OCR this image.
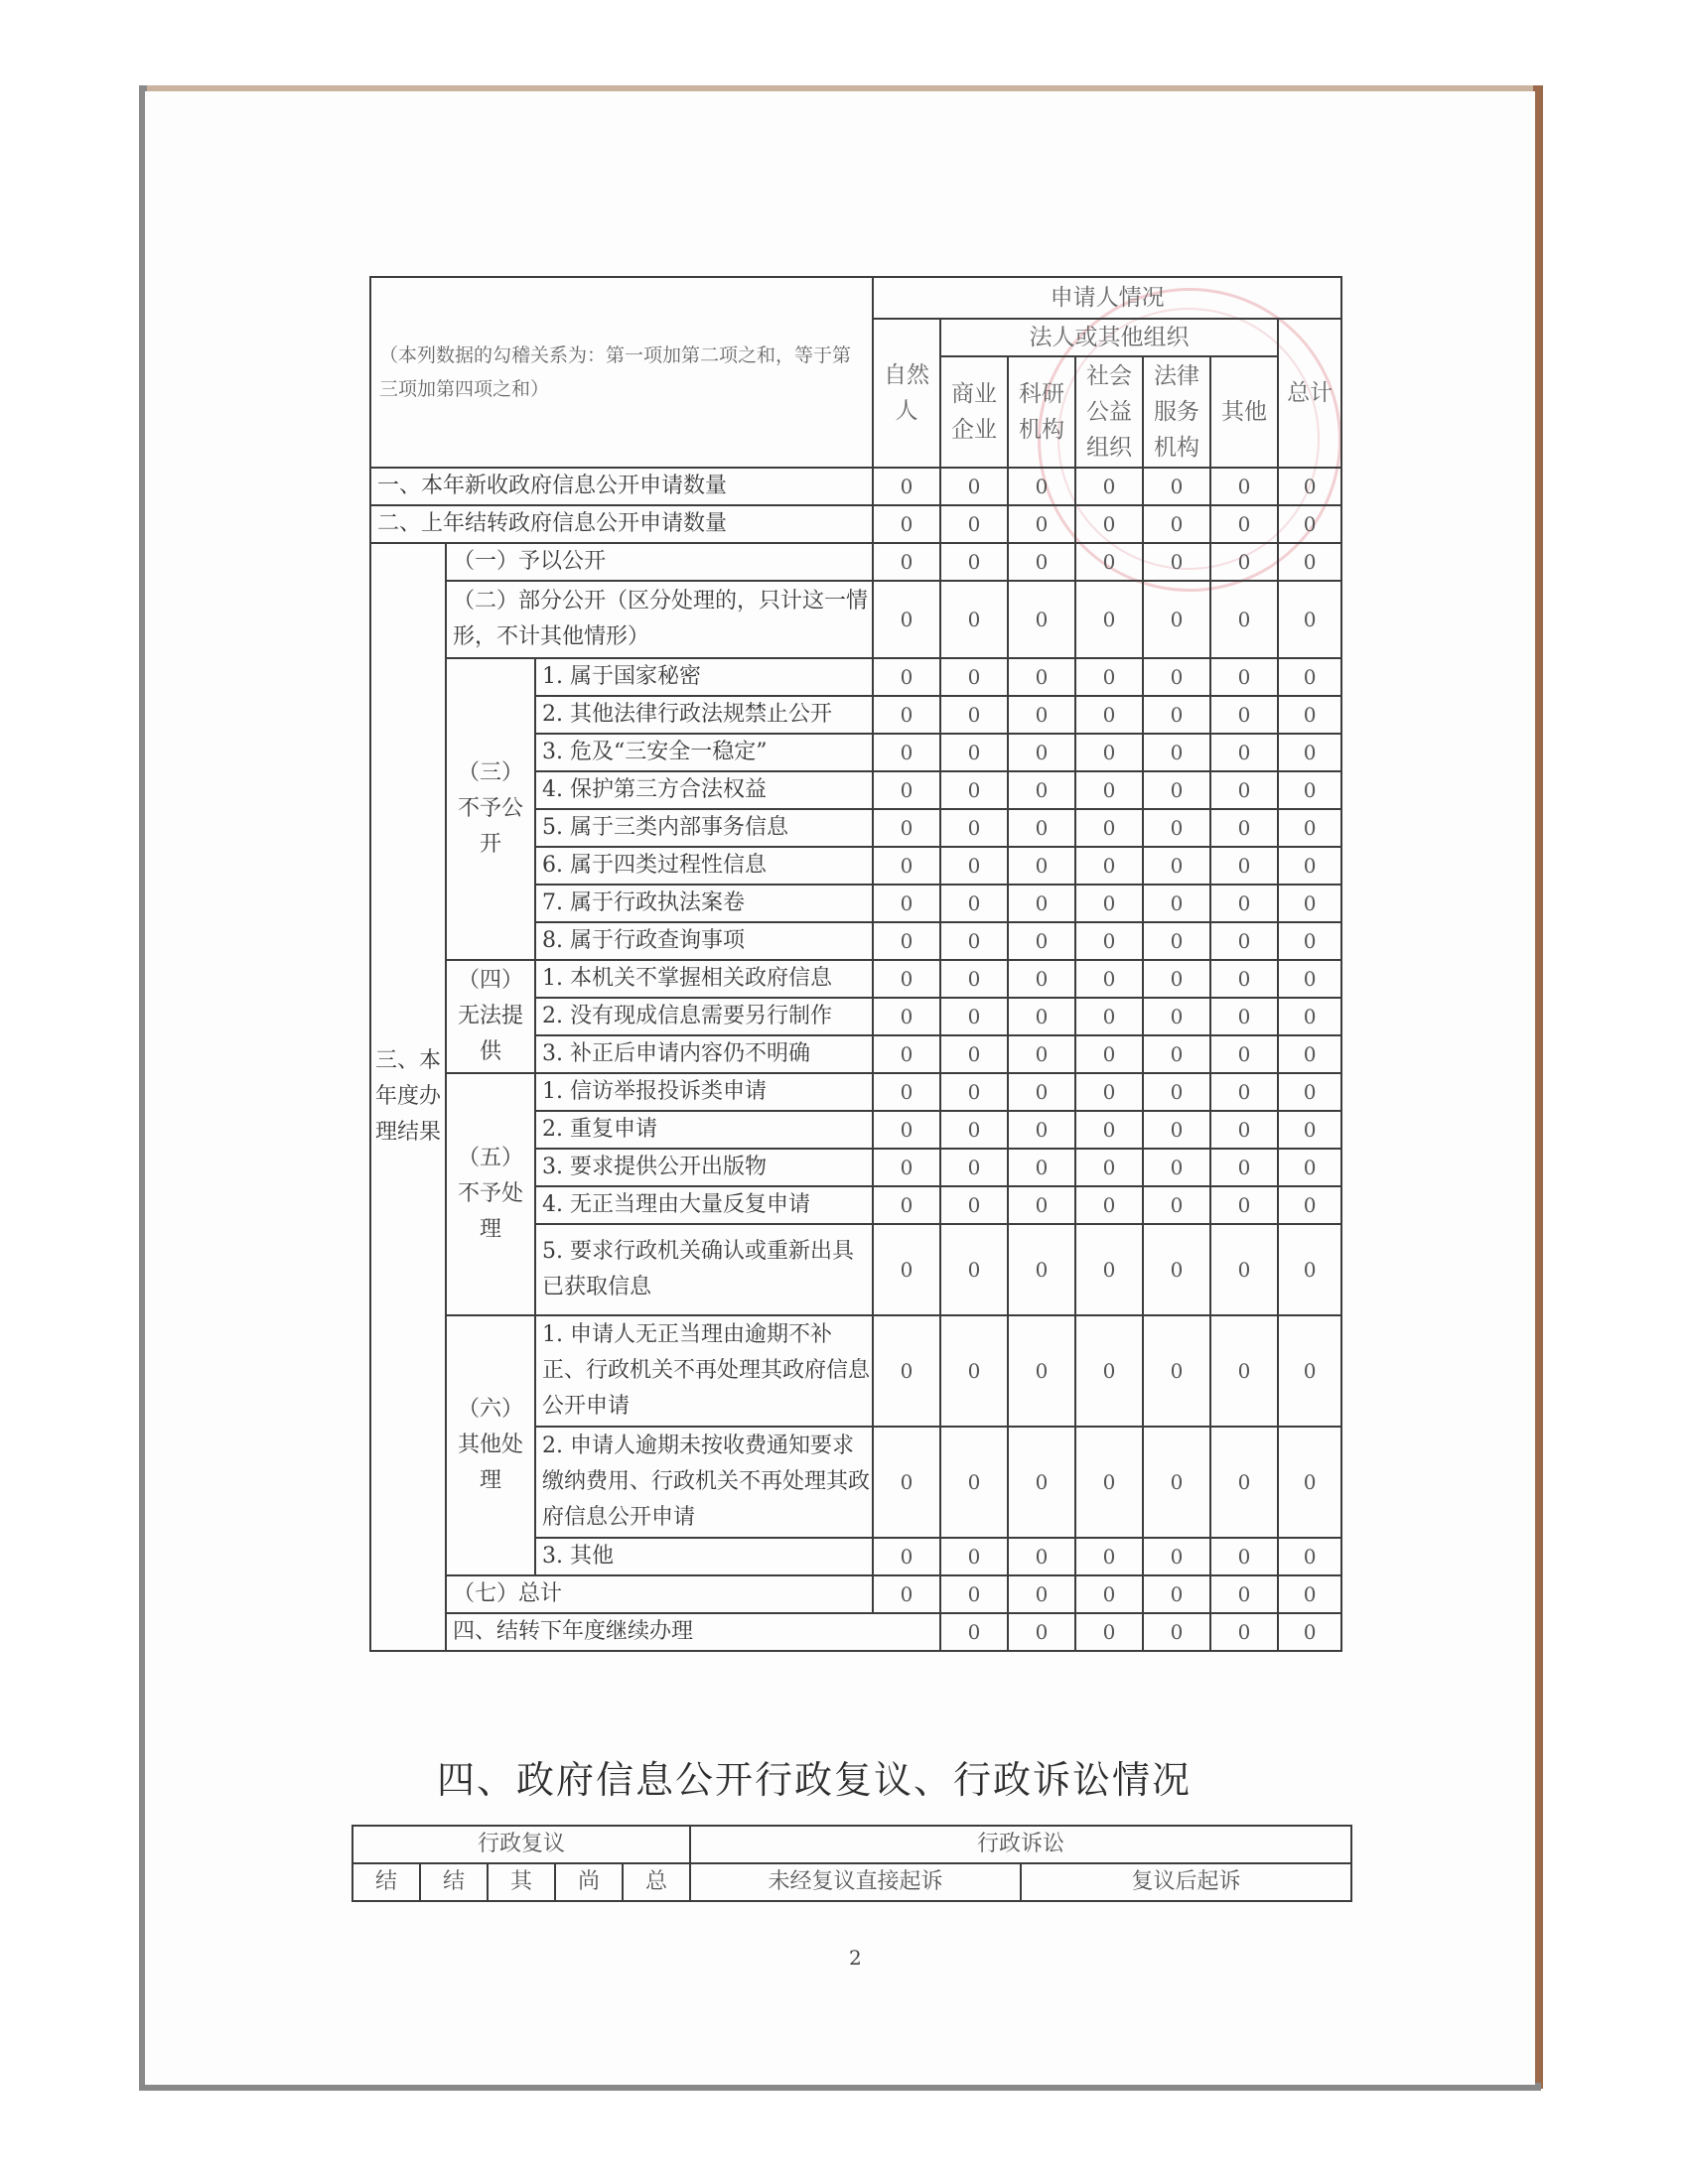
（本列数据的勾稽关系为：第一项加第二项之和，等于第三项加第四项之和）			申请人情况							
			自然人	法人或其他组织					总计	
				商业企业	科研机构	社会公益组织	法律服务机构	其他		
一、本年新收政府信息公开申请数量			0	0	0	0	0	0	0	
二、上年结转政府信息公开申请数量			0	0	0	0	0	0	0	
三、本年度办理结果	（一）予以公开		0	0	0	0	0	0	0	
	（二）部分公开（区分处理的，只计这一情形，不计其他情形）		0	0	0	0	0	0	0	
	（三）不予公开	1. 属于国家秘密	0	0	0	0	0	0	0	
		2. 其他法律行政法规禁止公开	0	0	0	0	0	0	0	
		3. 危及“三安全一稳定”	0	0	0	0	0	0	0	
		4. 保护第三方合法权益	0	0	0	0	0	0	0	
		5. 属于三类内部事务信息	0	0	0	0	0	0	0	
		6. 属于四类过程性信息	0	0	0	0	0	0	0	
		7. 属于行政执法案卷	0	0	0	0	0	0	0	
		8. 属于行政查询事项	0	0	0	0	0	0	0	
	（四）无法提供	1. 本机关不掌握相关政府信息	0	0	0	0	0	0	0	
		2. 没有现成信息需要另行制作	0	0	0	0	0	0	0	
		3. 补正后申请内容仍不明确	0	0	0	0	0	0	0	
	（五）不予处理	1. 信访举报投诉类申请	0	0	0	0	0	0	0	
		2. 重复申请	0	0	0	0	0	0	0	
		3. 要求提供公开出版物	0	0	0	0	0	0	0	
		4. 无正当理由大量反复申请	0	0	0	0	0	0	0	
		5. 要求行政机关确认或重新出具已获取信息	0	0	0	0	0	0	0	
	（六）其他处理	1. 申请人无正当理由逾期不补正、行政机关不再处理其政府信息公开申请	0	0	0	0	0	0	0	
		2. 申请人逾期未按收费通知要求缴纳费用、行政机关不再处理其政府信息公开申请	0	0	0	0	0	0	0	
		3. 其他	0	0	0	0	0	0	0	
	（七）总计		0	0	0	0	0	0	0	
	四、结转下年度继续办理			0	0	0	0	0	0	
四、政府信息公开行政复议、行政诉讼情况
行政复议					行政诉讼	
结	结	其	尚	总	未经复议直接起诉	复议后起诉
2
